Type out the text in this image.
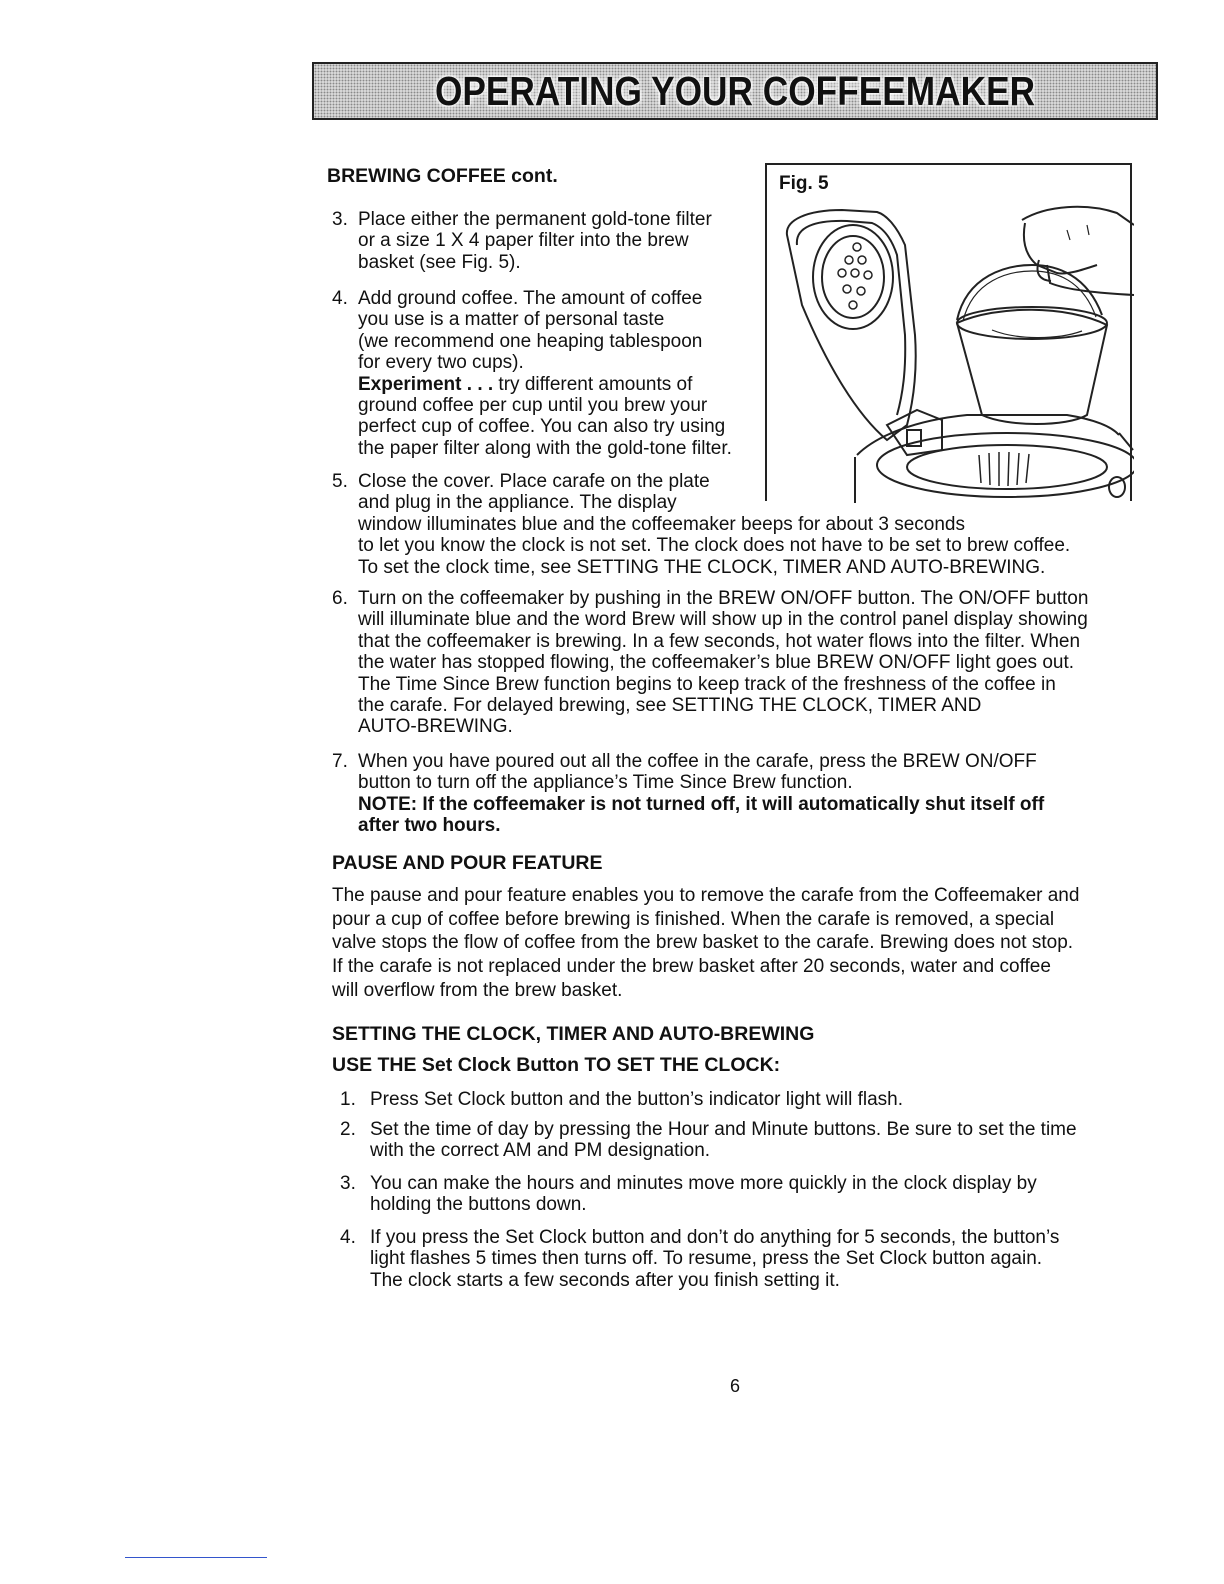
OPERATING YOUR COFFEEMAKER
BREWING COFFEE cont.	Fig. 5
3. Place either the permanent gold-tone filter
or a size 1 X 4 paper filter into the brew
basket (see Fig. 5).
4. Add ground coffee. The amount of coffee
you use is a matter of personal taste
(we recommend one heaping tablespoon
for every two cups).
Experiment . . . try different amounts of
ground coffee per cup until you brew your
perfect cup of coffee. You can also try using
the paper filter along with the gold-tone filter.
5. Close the cover. Place carafe on the plate
and plug in the appliance. The display
window illuminates blue and the coffeemaker beeps for about 3 seconds
to let you know the clock is not set. The clock does not have to be set to brew coffee.
To set the clock time, see SETTING THE CLOCK, TIMER AND AUTO-BREWING.
6. Turn on the coffeemaker by pushing in the BREW ON/OFF button. The ON/OFF button
will illuminate blue and the word Brew will show up in the control panel display showing
that the coffeemaker is brewing. In a few seconds, hot water flows into the filter. When
the water has stopped flowing, the coffeemaker’s blue BREW ON/OFF light goes out.
The Time Since Brew function begins to keep track of the freshness of the coffee in
the carafe. For delayed brewing, see SETTING THE CLOCK, TIMER AND
AUTO-BREWING.
7. When you have poured out all the coffee in the carafe, press the BREW ON/OFF
button to turn off the appliance’s Time Since Brew function.
NOTE: If the coffeemaker is not turned off, it will automatically shut itself off
after two hours.
PAUSE AND POUR FEATURE
The pause and pour feature enables you to remove the carafe from the Coffeemaker and
pour a cup of coffee before brewing is finished. When the carafe is removed, a special
valve stops the flow of coffee from the brew basket to the carafe. Brewing does not stop.
If the carafe is not replaced under the brew basket after 20 seconds, water and coffee
will overflow from the brew basket.
SETTING THE CLOCK, TIMER AND AUTO-BREWING
USE THE Set Clock Button TO SET THE CLOCK:
1. Press Set Clock button and the button’s indicator light will flash.
2. Set the time of day by pressing the Hour and Minute buttons. Be sure to set the time
with the correct AM and PM designation.
3. You can make the hours and minutes move more quickly in the clock display by
holding the buttons down.
4. If you press the Set Clock button and don’t do anything for 5 seconds, the button’s
light flashes 5 times then turns off. To resume, press the Set Clock button again.
The clock starts a few seconds after you finish setting it.
6
